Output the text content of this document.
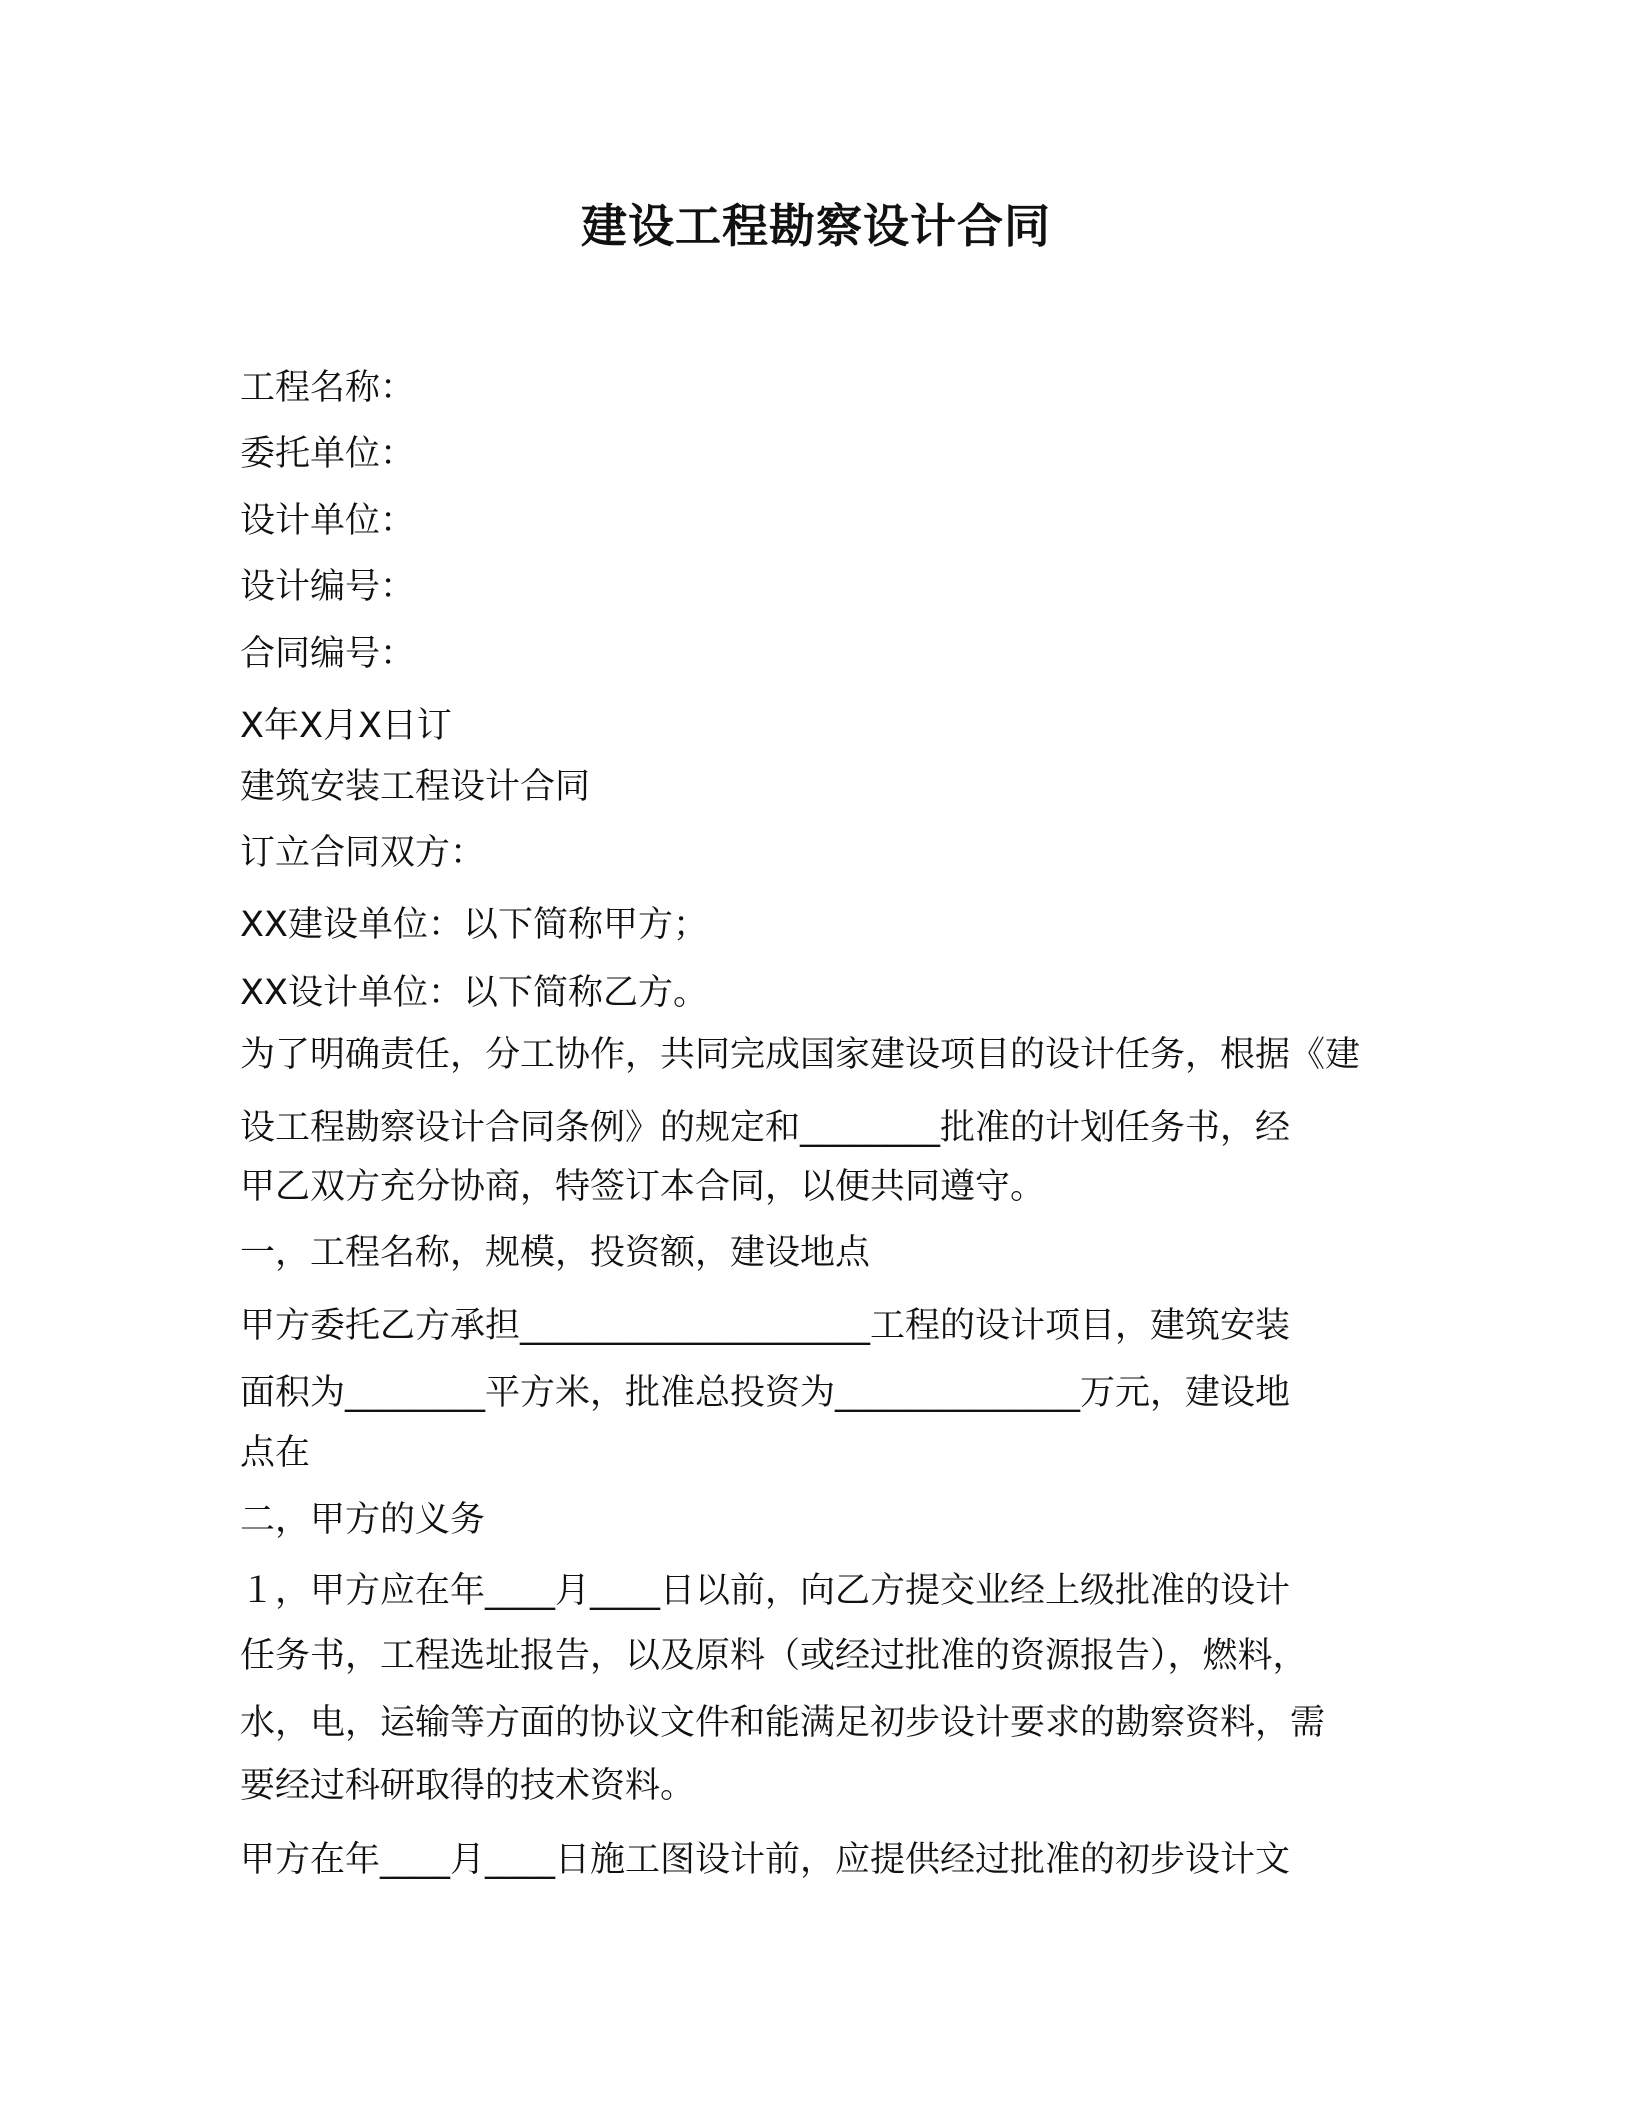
建设工程勘察设计合同
工程名称：
委托单位：
设计单位：
设计编号：
合同编号：
X年X月X日订
建筑安装工程设计合同
订立合同双方：
XX建设单位：以下简称甲方；
XX设计单位：以下简称乙方。
为了明确责任，分工协作，共同完成国家建设项目的设计任务，根据《建
设工程勘察设计合同条例》的规定和________批准的计划任务书，经
甲乙双方充分协商，特签订本合同，以便共同遵守。
一，工程名称，规模，投资额，建设地点
甲方委托乙方承担____________________工程的设计项目，建筑安装
面积为________平方米，批准总投资为______________万元，建设地
点在
二，甲方的义务
１，甲方应在年____月____日以前，向乙方提交业经上级批准的设计
任务书，工程选址报告，以及原料（或经过批准的资源报告），燃料，
水，电，运输等方面的协议文件和能满足初步设计要求的勘察资料，需
要经过科研取得的技术资料。
甲方在年____月____日施工图设计前，应提供经过批准的初步设计文
